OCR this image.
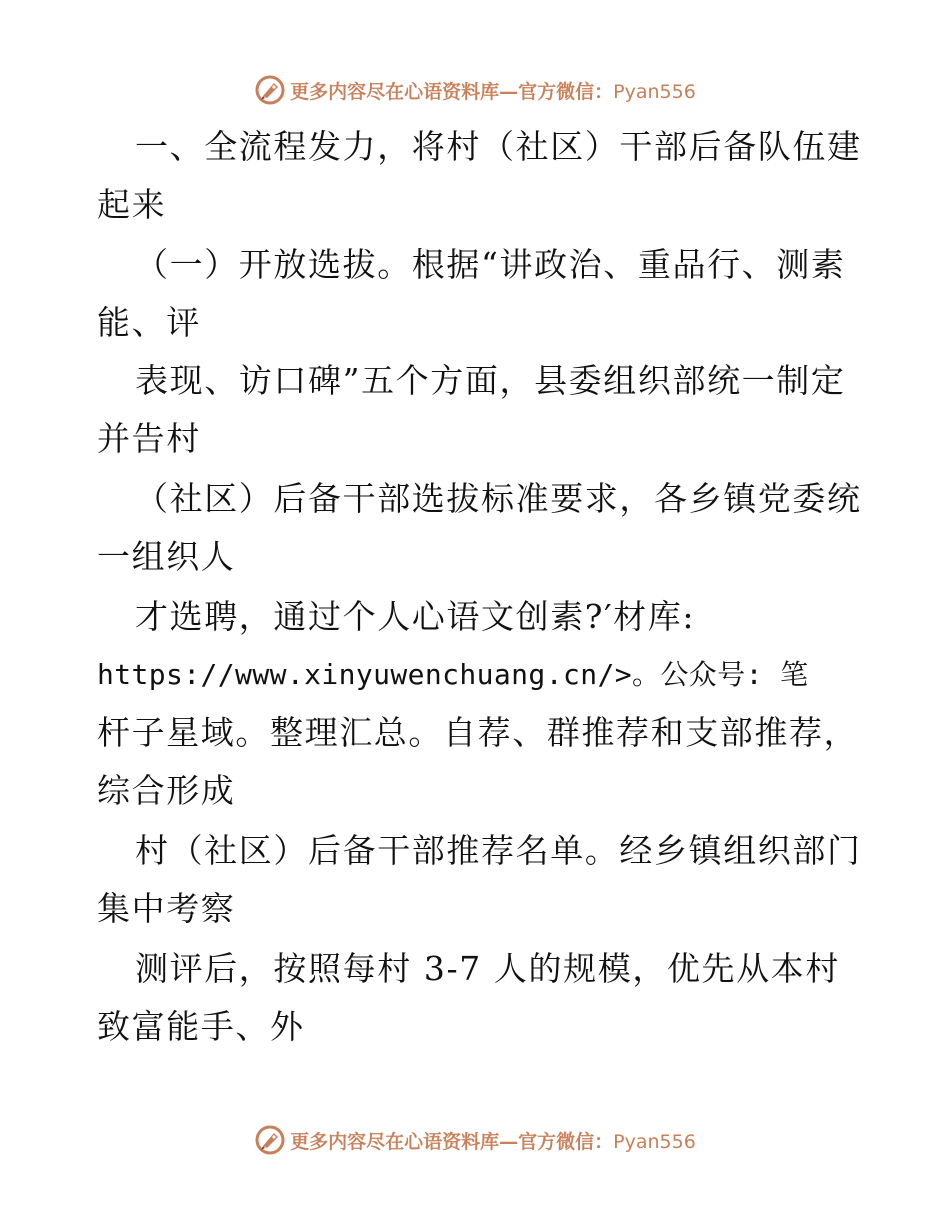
更多内容尽在心语资料库—官方微信：Pyan556
一、全流程发力，将村（社区）干部后备队伍建
起来
（一）开放选拔。根据“讲政治、重品行、测素
能、评
表现、访口碑”五个方面，县委组织部统一制定
并告村
（社区）后备干部选拔标准要求，各乡镇党委统
一组织人
才选聘，通过个人心语文创素?′材库:
https://www.xinyuwenchuang.cn/>。公众号: 笔
杆子星域。整理汇总。自荐、群推荐和支部推荐，
综合形成
村（社区）后备干部推荐名单。经乡镇组织部门
集中考察
测评后，按照每村 3-7 人的规模，优先从本村
致富能手、外
更多内容尽在心语资料库—官方微信：Pyan556
